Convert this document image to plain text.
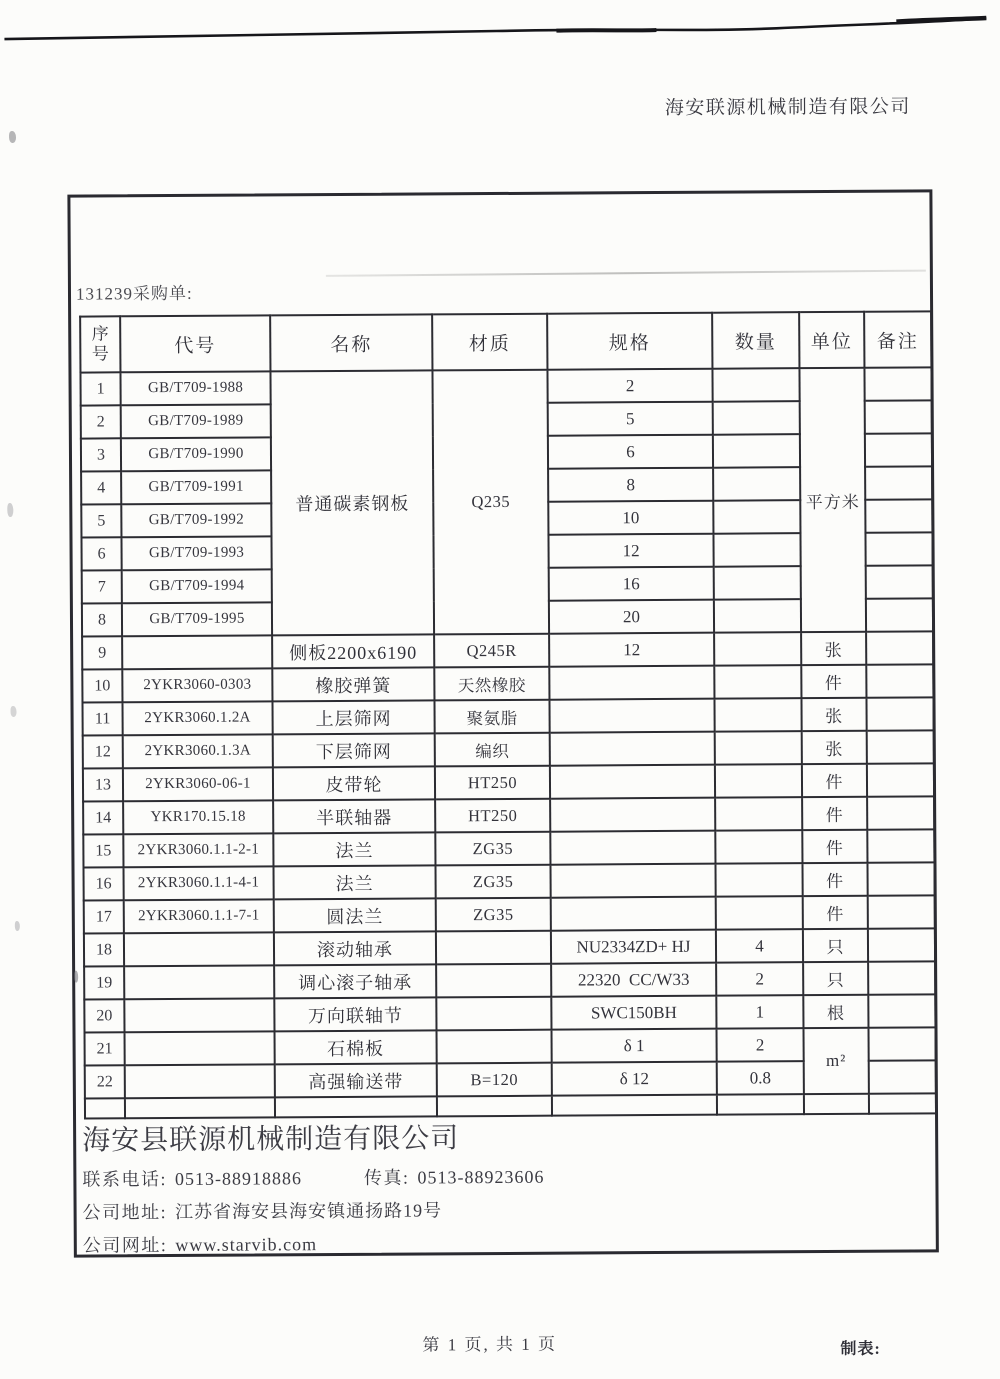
海安联源机械制造有限公司
131239采购单:
序
号	代号	名称	材质	规格	数量	单位	备注
1	GB/T709-1988	普通碳素钢板	Q235	2		平方米	
2	GB/T709-1989			5			
3	GB/T709-1990			6			
4	GB/T709-1991			8			
5	GB/T709-1992			10			
6	GB/T709-1993			12			
7	GB/T709-1994			16			
8	GB/T709-1995			20			
9		侧板2200x6190	Q245R	12		张	
10	2YKR3060-0303	橡胶弹簧	天然橡胶			件	
11	2YKR3060.1.2A	上层筛网	聚氨脂			张	
12	2YKR3060.1.3A	下层筛网	编织			张	
13	2YKR3060-06-1	皮带轮	HT250			件	
14	YKR170.15.18	半联轴器	HT250			件	
15	2YKR3060.1.1-2-1	法兰	ZG35			件	
16	2YKR3060.1.1-4-1	法兰	ZG35			件	
17	2YKR3060.1.1-7-1	圆法兰	ZG35			件	
18		滚动轴承		NU2334ZD+ HJ	4	只	
19		调心滚子轴承		22320  CC/W33	2	只	
20		万向联轴节		SWC150BH	1	根	
21		石棉板		δ 1	2	m²	
22		高强输送带	B=120	δ 12	0.8		

海安县联源机械制造有限公司
联系电话: 0513-88918886	传真: 0513-88923606
公司地址: 江苏省海安县海安镇通扬路19号
公司网址: www.starvib.com
第 1 页, 共 1 页	制表:
